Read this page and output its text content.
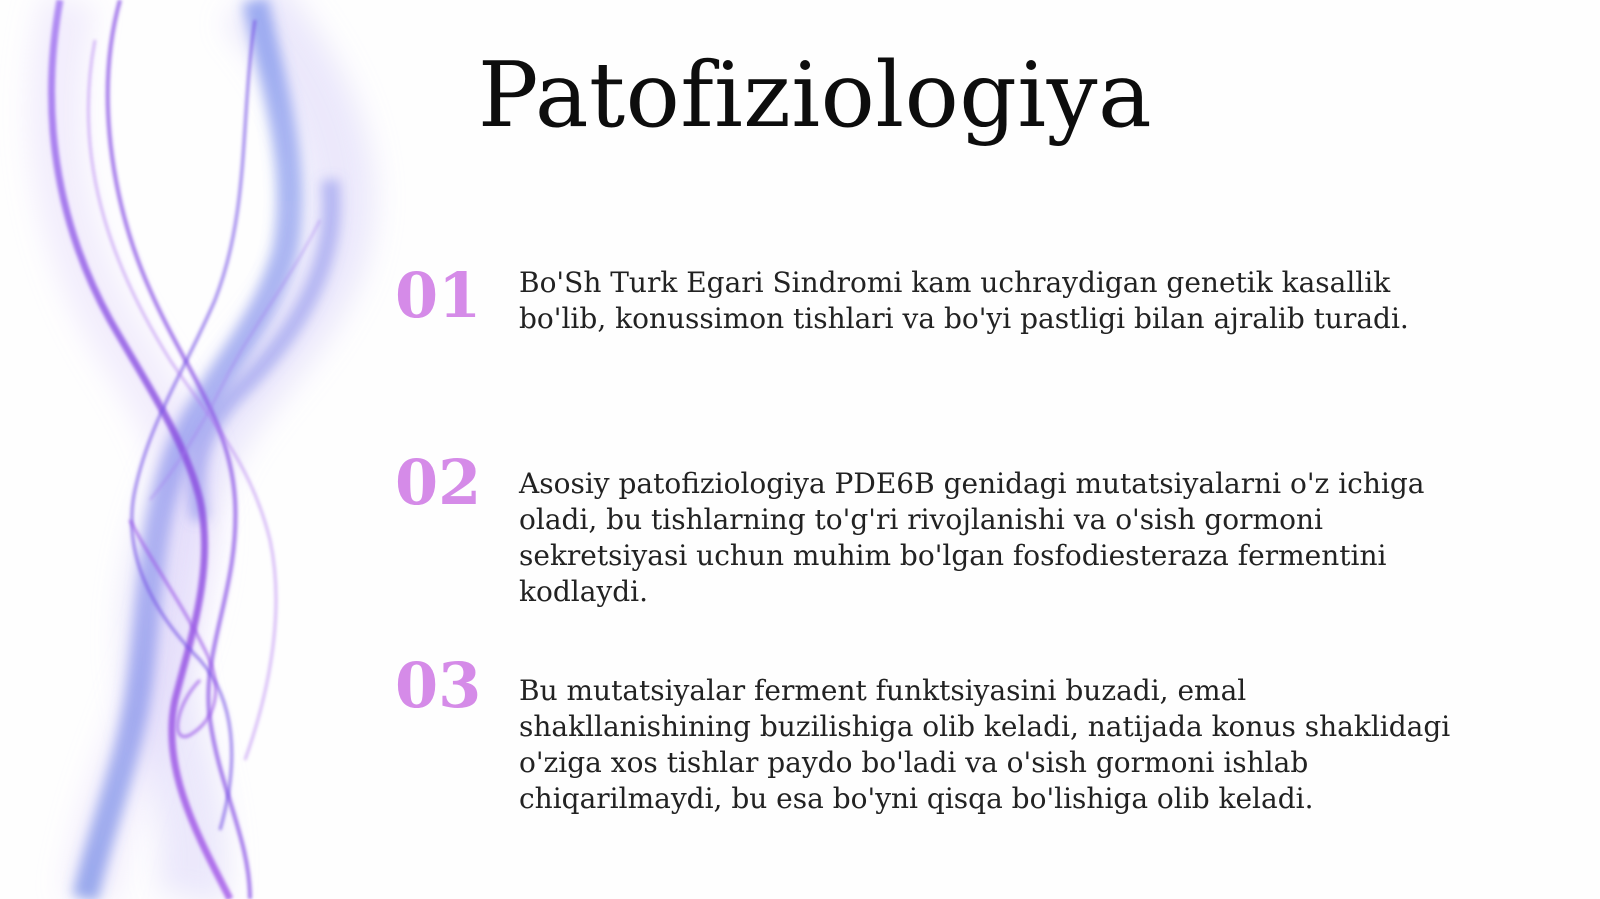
Patofiziologiya
01 Bo'Sh Turk Egari Sindromi kam uchraydigan genetik kasallik bo'lib, konussimon tishlari va bo'yi pastligi bilan ajralib turadi.
02 Asosiy patofiziologiya PDE6B genidagi mutatsiyalarni o'z ichiga oladi, bu tishlarning to'g'ri rivojlanishi va o'sish gormoni sekretsiyasi uchun muhim bo'lgan fosfodiesteraza fermentini kodlaydi.
03 Bu mutatsiyalar ferment funktsiyasini buzadi, emal shakllanishining buzilishiga olib keladi, natijada konus shaklidagi o'ziga xos tishlar paydo bo'ladi va o'sish gormoni ishlab chiqarilmaydi, bu esa bo'yni qisqa bo'lishiga olib keladi.
